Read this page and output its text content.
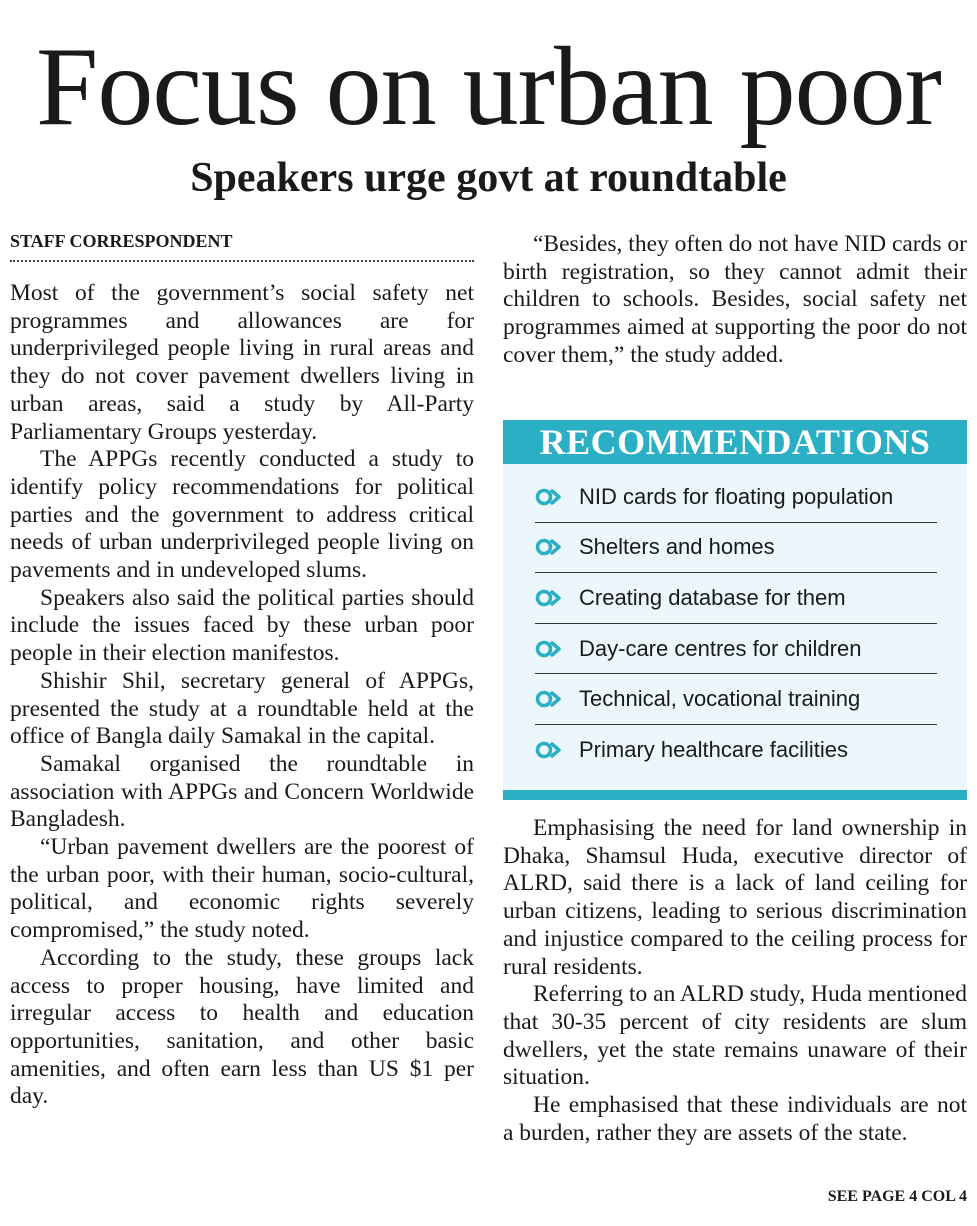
Focus on urban poor
Speakers urge govt at roundtable
STAFF CORRESPONDENT

Most of the government’s social safety net programmes and allowances are for underprivileged people living in rural areas and they do not cover pavement dwellers living in urban areas, said a study by All-Party Parliamentary Groups yesterday.

The APPGs recently conducted a study to identify policy recommendations for political parties and the government to address critical needs of urban underprivileged people living on pavements and in undeveloped slums.

Speakers also said the political parties should include the issues faced by these urban poor people in their election manifestos.

Shishir Shil, secretary general of APPGs, presented the study at a roundtable held at the office of Bangla daily Samakal in the capital.

Samakal organised the roundtable in association with APPGs and Concern Worldwide Bangladesh.

“Urban pavement dwellers are the poorest of the urban poor, with their human, socio-cultural, political, and economic rights severely compromised,” the study noted.

According to the study, these groups lack access to proper housing, have limited and irregular access to health and education opportunities, sanitation, and other basic amenities, and often earn less than US $1 per day.

“Besides, they often do not have NID cards or birth registration, so they cannot admit their children to schools. Besides, social safety net programmes aimed at supporting the poor do not cover them,” the study added.

RECOMMENDATIONS
NID cards for floating population
Shelters and homes
Creating database for them
Day-care centres for children
Technical, vocational training
Primary healthcare facilities

Emphasising the need for land ownership in Dhaka, Shamsul Huda, executive director of ALRD, said there is a lack of land ceiling for urban citizens, leading to serious discrimination and injustice compared to the ceiling process for rural residents.

Referring to an ALRD study, Huda mentioned that 30-35 percent of city residents are slum dwellers, yet the state remains unaware of their situation.

He emphasised that these individuals are not a burden, rather they are assets of the state.

SEE PAGE 4 COL 4
